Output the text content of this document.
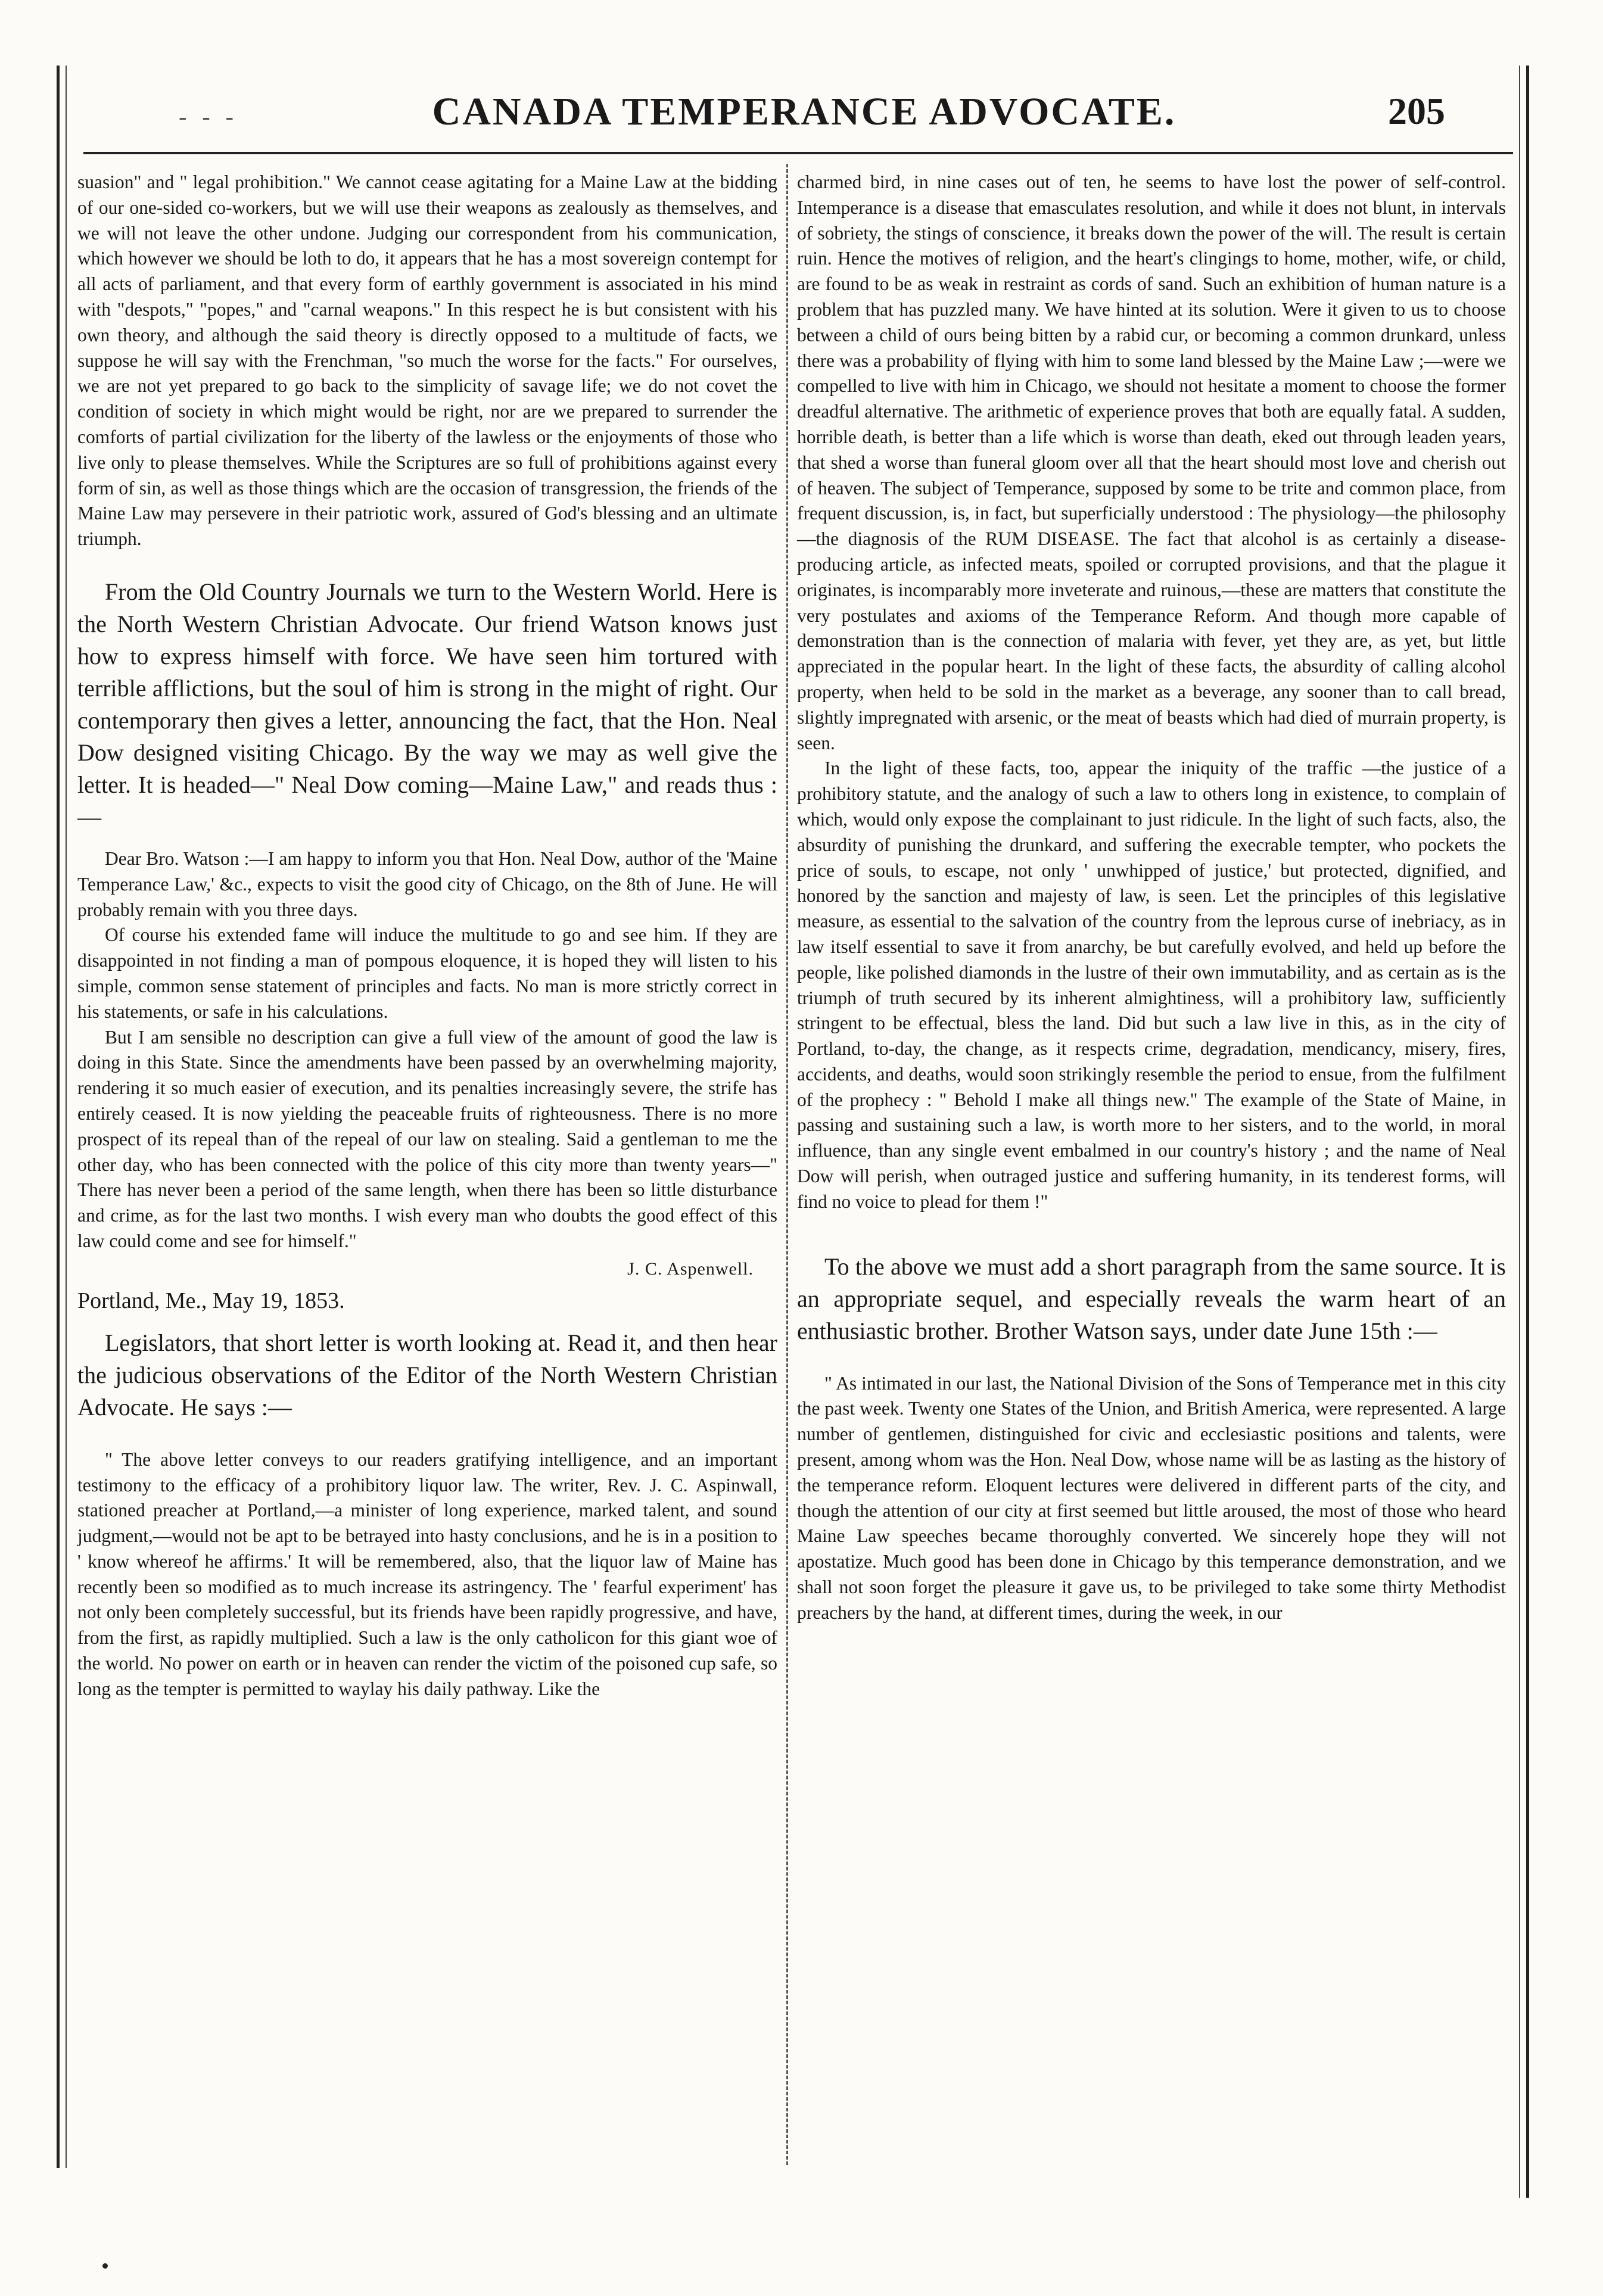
- - -	CANADA TEMPERANCE ADVOCATE.	205

suasion" and " legal prohibition." We cannot cease agitating for a Maine Law at the bidding of our one-sided co-workers, but we will use their weapons as zealously as themselves, and we will not leave the other undone. Judging our correspondent from his communication, which however we should be loth to do, it appears that he has a most sovereign contempt for all acts of parliament, and that every form of earthly government is associated in his mind with "despots," "popes," and "carnal weapons." In this respect he is but consistent with his own theory, and although the said theory is directly opposed to a multitude of facts, we suppose he will say with the Frenchman, "so much the worse for the facts." For ourselves, we are not yet prepared to go back to the simplicity of savage life; we do not covet the condition of society in which might would be right, nor are we prepared to surrender the comforts of partial civilization for the liberty of the lawless or the enjoyments of those who live only to please themselves. While the Scriptures are so full of prohibitions against every form of sin, as well as those things which are the occasion of transgression, the friends of the Maine Law may persevere in their patriotic work, assured of God's blessing and an ultimate triumph.

From the Old Country Journals we turn to the Western World. Here is the North Western Christian Advocate. Our friend Watson knows just how to express himself with force. We have seen him tortured with terrible afflictions, but the soul of him is strong in the might of right. Our contemporary then gives a letter, announcing the fact, that the Hon. Neal Dow designed visiting Chicago. By the way we may as well give the letter. It is headed—" Neal Dow coming—Maine Law," and reads thus :—

Dear Bro. Watson :—I am happy to inform you that Hon. Neal Dow, author of the 'Maine Temperance Law,' &c., expects to visit the good city of Chicago, on the 8th of June. He will probably remain with you three days.

Of course his extended fame will induce the multitude to go and see him. If they are disappointed in not finding a man of pompous eloquence, it is hoped they will listen to his simple, common sense statement of principles and facts. No man is more strictly correct in his statements, or safe in his calculations.

But I am sensible no description can give a full view of the amount of good the law is doing in this State. Since the amendments have been passed by an overwhelming majority, rendering it so much easier of execution, and its penalties increasingly severe, the strife has entirely ceased. It is now yielding the peaceable fruits of righteousness. There is no more prospect of its repeal than of the repeal of our law on stealing. Said a gentleman to me the other day, who has been connected with the police of this city more than twenty years—" There has never been a period of the same length, when there has been so little disturbance and crime, as for the last two months. I wish every man who doubts the good effect of this law could come and see for himself."

J. C. Aspenwell.
Portland, Me., May 19, 1853.

Legislators, that short letter is worth looking at. Read it, and then hear the judicious observations of the Editor of the North Western Christian Advocate. He says :—

" The above letter conveys to our readers gratifying intelligence, and an important testimony to the efficacy of a prohibitory liquor law. The writer, Rev. J. C. Aspinwall, stationed preacher at Portland,—a minister of long experience, marked talent, and sound judgment,—would not be apt to be betrayed into hasty conclusions, and he is in a position to ' know whereof he affirms.' It will be remembered, also, that the liquor law of Maine has recently been so modified as to much increase its astringency. The ' fearful experiment' has not only been completely successful, but its friends have been rapidly progressive, and have, from the first, as rapidly multiplied. Such a law is the only catholicon for this giant woe of the world. No power on earth or in heaven can render the victim of the poisoned cup safe, so long as the tempter is permitted to waylay his daily pathway. Like the

charmed bird, in nine cases out of ten, he seems to have lost the power of self-control. Intemperance is a disease that emasculates resolution, and while it does not blunt, in intervals of sobriety, the stings of conscience, it breaks down the power of the will. The result is certain ruin. Hence the motives of religion, and the heart's clingings to home, mother, wife, or child, are found to be as weak in restraint as cords of sand. Such an exhibition of human nature is a problem that has puzzled many. We have hinted at its solution. Were it given to us to choose between a child of ours being bitten by a rabid cur, or becoming a common drunkard, unless there was a probability of flying with him to some land blessed by the Maine Law ;—were we compelled to live with him in Chicago, we should not hesitate a moment to choose the former dreadful alternative. The arithmetic of experience proves that both are equally fatal. A sudden, horrible death, is better than a life which is worse than death, eked out through leaden years, that shed a worse than funeral gloom over all that the heart should most love and cherish out of heaven. The subject of Temperance, supposed by some to be trite and common place, from frequent discussion, is, in fact, but superficially understood : The physiology—the philosophy—the diagnosis of the RUM DISEASE. The fact that alcohol is as certainly a disease-producing article, as infected meats, spoiled or corrupted provisions, and that the plague it originates, is incomparably more inveterate and ruinous,—these are matters that constitute the very postulates and axioms of the Temperance Reform. And though more capable of demonstration than is the connection of malaria with fever, yet they are, as yet, but little appreciated in the popular heart. In the light of these facts, the absurdity of calling alcohol property, when held to be sold in the market as a beverage, any sooner than to call bread, slightly impregnated with arsenic, or the meat of beasts which had died of murrain property, is seen.

In the light of these facts, too, appear the iniquity of the traffic —the justice of a prohibitory statute, and the analogy of such a law to others long in existence, to complain of which, would only expose the complainant to just ridicule. In the light of such facts, also, the absurdity of punishing the drunkard, and suffering the execrable tempter, who pockets the price of souls, to escape, not only ' unwhipped of justice,' but protected, dignified, and honored by the sanction and majesty of law, is seen. Let the principles of this legislative measure, as essential to the salvation of the country from the leprous curse of inebriacy, as in law itself essential to save it from anarchy, be but carefully evolved, and held up before the people, like polished diamonds in the lustre of their own immutability, and as certain as is the triumph of truth secured by its inherent almightiness, will a prohibitory law, sufficiently stringent to be effectual, bless the land. Did but such a law live in this, as in the city of Portland, to-day, the change, as it respects crime, degradation, mendicancy, misery, fires, accidents, and deaths, would soon strikingly resemble the period to ensue, from the fulfilment of the prophecy : " Behold I make all things new." The example of the State of Maine, in passing and sustaining such a law, is worth more to her sisters, and to the world, in moral influence, than any single event embalmed in our country's history ; and the name of Neal Dow will perish, when outraged justice and suffering humanity, in its tenderest forms, will find no voice to plead for them !"

To the above we must add a short paragraph from the same source. It is an appropriate sequel, and especially reveals the warm heart of an enthusiastic brother. Brother Watson says, under date June 15th :—

" As intimated in our last, the National Division of the Sons of Temperance met in this city the past week. Twenty one States of the Union, and British America, were represented. A large number of gentlemen, distinguished for civic and ecclesiastic positions and talents, were present, among whom was the Hon. Neal Dow, whose name will be as lasting as the history of the temperance reform. Eloquent lectures were delivered in different parts of the city, and though the attention of our city at first seemed but little aroused, the most of those who heard Maine Law speeches became thoroughly converted. We sincerely hope they will not apostatize. Much good has been done in Chicago by this temperance demonstration, and we shall not soon forget the pleasure it gave us, to be privileged to take some thirty Methodist preachers by the hand, at different times, during the week, in our
